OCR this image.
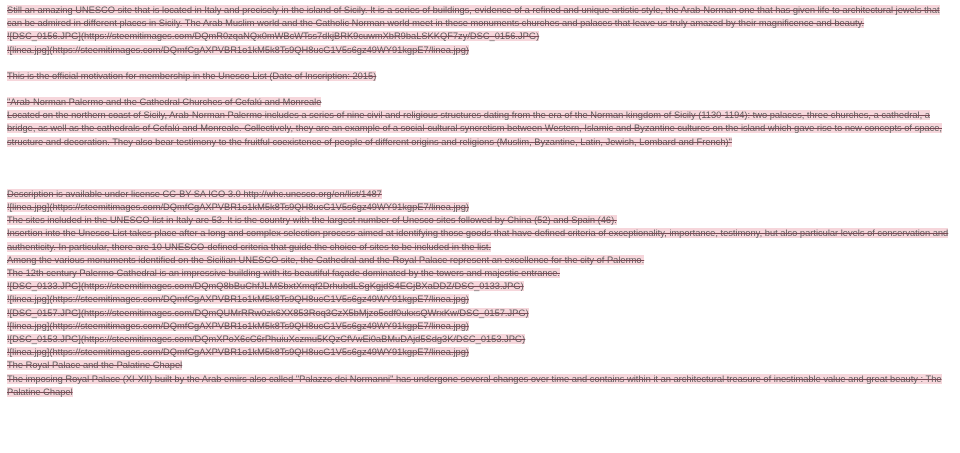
Still an amazing UNESCO site that is located in Italy and precisely in the island of Sicily. It is a series of buildings, evidence of a refined and unique artistic style, the Arab-Norman one that has given life to architectural jewels that can be admired in different places in Sicily. The Arab Muslim world and the Catholic Norman world meet in these monuments churches and palaces that leave us truly amazed by their magnificence and beauty.
![DSC_0156.JPG](https://steemitimages.com/DQmR0zqaNQx0mWBcWTss7dkjBRK9cuwmXbR9baLSKKQF7zy/DSC_0156.JPG)
![linea.jpg](https://steemitimages.com/DQmfCgAXPVBR1o1kM5k8Ts9QH8ucG1V5s6gz49WY91kgpE7/linea.jpg)
This is the official motivation for membership in the Unesco List (Date of Inscription: 2015)
"Arab-Norman Palermo and the Cathedral Churches of Cefalú and Monreale
Located on the northern coast of Sicily, Arab-Norman Palermo includes a series of nine civil and religious structures dating from the era of the Norman kingdom of Sicily (1130-1194): two palaces, three churches, a cathedral, a bridge, as well as the cathedrals of Cefalú and Monreale. Collectively, they are an example of a social-cultural syncretism between Western, Islamic and Byzantine cultures on the island which gave rise to new concepts of space, structure and decoration. They also bear testimony to the fruitful coexistence of people of different origins and religions (Muslim, Byzantine, Latin, Jewish, Lombard and French)"
Description is available under license CC-BY-SA IGO 3.0 http://whc.unesco.org/en/list/1487
![linea.jpg](https://steemitimages.com/DQmfCgAXPVBR1o1kM5k8Ts9QH8ucG1V5s6gz49WY91kgpE7/linea.jpg)
The sites included in the UNESCO list in Italy are 53. It is the country with the largest number of Unesco sites followed by China (52) and Spain (46).
Insertion into the Unesco List takes place after a long and complex selection process aimed at identifying those goods that have defined criteria of exceptionality, importance, testimony, but also particular levels of conservation and authenticity. In particular, there are 10 UNESCO-defined criteria that guide the choice of sites to be included in the list.
Among the various monuments identified on the Sicilian UNESCO site, the Cathedral and the Royal Palace represent an excellence for the city of Palermo.
The 12th century Palermo Cathedral is an impressive building with its beautiful façade dominated by the towers and majestic entrance.
![DSC_0133.JPG](https://steemitimages.com/DQmQ8bBuChfJLMSbxtXmqf2DrhubdLSgKgjdS4EGjBXaDDZ/DSC_0133.JPG)
![linea.jpg](https://steemitimages.com/DQmfCgAXPVBR1o1kM5k8Ts9QH8ucG1V5s6gz49WY91kgpE7/linea.jpg)
![DSC_0157.JPG](https://steemitimages.com/DQmQUMrRRw0zk6XX853Roq3CzX5bMjzo5cdf0ukxsQWrxKw/DSC_0157.JPG)
![linea.jpg](https://steemitimages.com/DQmfCgAXPVBR1o1kM5k8Ts9QH8ucG1V5s6gz49WY91kgpE7/linea.jpg)
![DSC_0153.JPG](https://steemitimages.com/DQmXPoX6cC6rPhuiuXczmu5KQzCfVwEi0aBMuDAjd5Sdg3K/DSC_0153.JPG)
![linea.jpg](https://steemitimages.com/DQmfCgAXPVBR1o1kM5k8Ts9QH8ucG1V5s6gz49WY91kgpE7/linea.jpg)
The Royal Palace and the Palatine Chapel
The imposing Royal Palace (XI-XII) built by the Arab emirs also called "Palazzo dei Normanni" has undergone several changes over time and contains within it an architectural treasure of inestimable value and great beauty : The Palatine Chapel
